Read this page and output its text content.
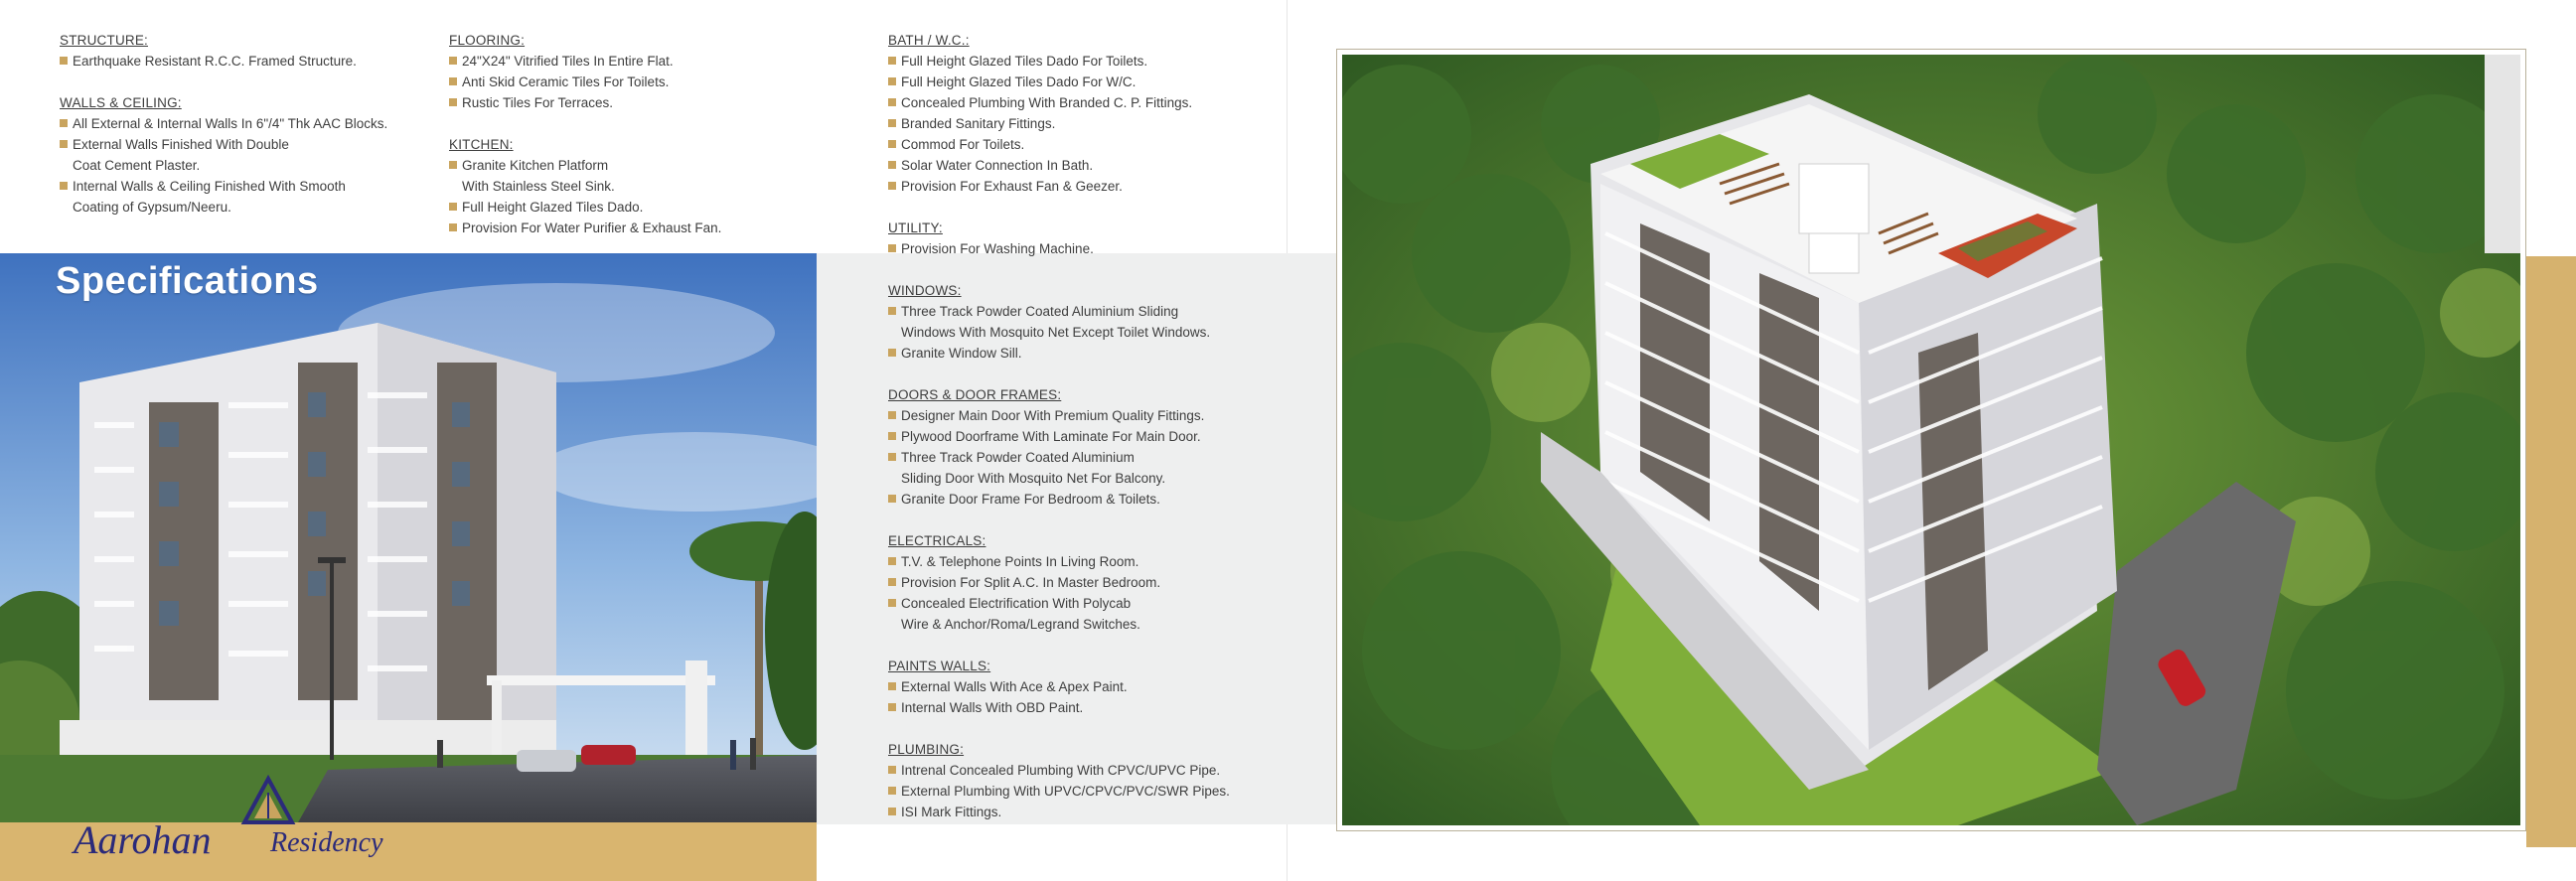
Specifications
Aarohan Residency
STRUCTURE:
Earthquake Resistant R.C.C. Framed Structure.
WALLS & CEILING:
All External & Internal Walls In 6"/4" Thk AAC Blocks.
External Walls Finished With Double
Coat Cement Plaster.
Internal Walls & Ceiling Finished With Smooth
Coating of Gypsum/Neeru.
FLOORING:
24"X24" Vitrified Tiles In Entire Flat.
Anti Skid Ceramic Tiles For Toilets.
Rustic Tiles For Terraces.
KITCHEN:
Granite Kitchen Platform
With Stainless Steel Sink.
Full Height Glazed Tiles Dado.
Provision For Water Purifier & Exhaust Fan.
BATH / W.C.:
Full Height Glazed Tiles Dado For Toilets.
Full Height Glazed Tiles Dado For W/C.
Concealed Plumbing With Branded C. P. Fittings.
Branded Sanitary Fittings.
Commod For Toilets.
Solar Water Connection In Bath.
Provision For Exhaust Fan & Geezer.
UTILITY:
Provision For Washing Machine.
WINDOWS:
Three Track Powder Coated Aluminium Sliding
Windows With Mosquito Net Except Toilet Windows.
Granite Window Sill.
DOORS & DOOR FRAMES:
Designer Main Door With Premium Quality Fittings.
Plywood Doorframe With Laminate For Main Door.
Three Track Powder Coated Aluminium
Sliding Door With Mosquito Net For Balcony.
Granite Door Frame For Bedroom & Toilets.
ELECTRICALS:
T.V. & Telephone Points In Living Room.
Provision For Split A.C. In Master Bedroom.
Concealed Electrification With Polycab
Wire & Anchor/Roma/Legrand Switches.
PAINTS WALLS:
External Walls With Ace & Apex Paint.
Internal Walls With OBD Paint.
PLUMBING:
Intrenal Concealed Plumbing With CPVC/UPVC Pipe.
External Plumbing With UPVC/CPVC/PVC/SWR Pipes.
ISI Mark Fittings.
